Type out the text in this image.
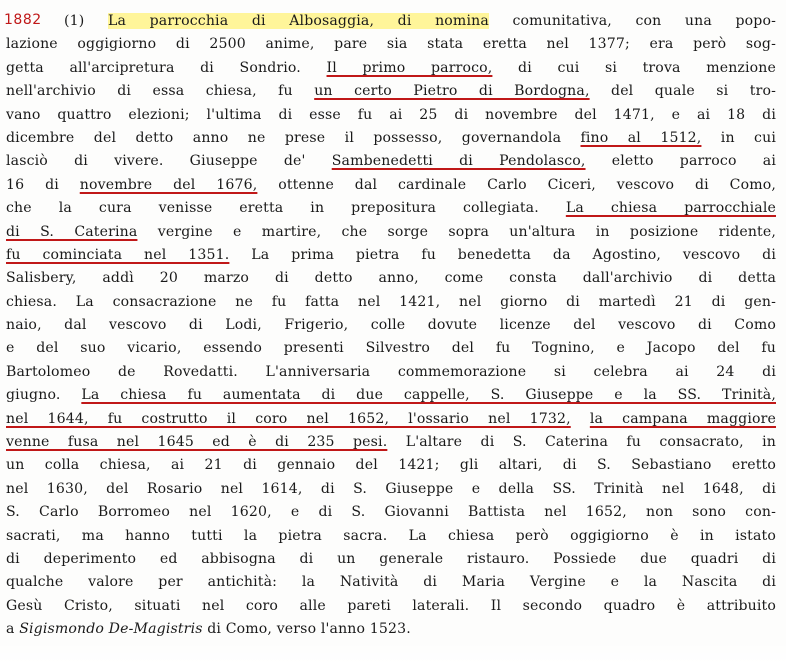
1882	(1) La parrocchia di Albosaggia, di nomina comunitativa, con una popo-
lazione oggigiorno di 2500 anime, pare sia stata eretta nel 1377; era però sog-
getta all'arcipretura di Sondrio. Il primo parroco, di cui si trova menzione
nell'archivio di essa chiesa, fu un certo Pietro di Bordogna, del quale si tro-
vano quattro elezioni; l'ultima di esse fu ai 25 di novembre del 1471, e ai 18 di
dicembre del detto anno ne prese il possesso, governandola fino al 1512, in cui
lasciò di vivere. Giuseppe de' Sambenedetti di Pendolasco, eletto parroco ai
16 di novembre del 1676, ottenne dal cardinale Carlo Ciceri, vescovo di Como,
che la cura venisse eretta in prepositura collegiata. La chiesa parrocchiale
di S. Caterina vergine e martire, che sorge sopra un'altura in posizione ridente,
fu cominciata nel 1351. La prima pietra fu benedetta da Agostino, vescovo di
Salisbery, addì 20 marzo di detto anno, come consta dall'archivio di detta
chiesa. La consacrazione ne fu fatta nel 1421, nel giorno di martedì 21 di gen-
naio, dal vescovo di Lodi, Frigerio, colle dovute licenze del vescovo di Como
e del suo vicario, essendo presenti Silvestro del fu Tognino, e Jacopo del fu
Bartolomeo de Rovedatti. L'anniversaria commemorazione si celebra ai 24 di
giugno. La chiesa fu aumentata di due cappelle, S. Giuseppe e la SS. Trinità,
nel 1644, fu costrutto il coro nel 1652, l'ossario nel 1732, la campana maggiore
venne fusa nel 1645 ed è di 235 pesi. L'altare di S. Caterina fu consacrato, in
un colla chiesa, ai 21 di gennaio del 1421; gli altari, di S. Sebastiano eretto
nel 1630, del Rosario nel 1614, di S. Giuseppe e della SS. Trinità nel 1648, di
S. Carlo Borromeo nel 1620, e di S. Giovanni Battista nel 1652, non sono con-
sacrati, ma hanno tutti la pietra sacra. La chiesa però oggigiorno è in istato
di deperimento ed abbisogna di un generale ristauro. Possiede due quadri di
qualche valore per antichità: la Natività di Maria Vergine e la Nascita di
Gesù Cristo, situati nel coro alle pareti laterali. Il secondo quadro è attribuito
a Sigismondo De-Magistris di Como, verso l'anno 1523.
